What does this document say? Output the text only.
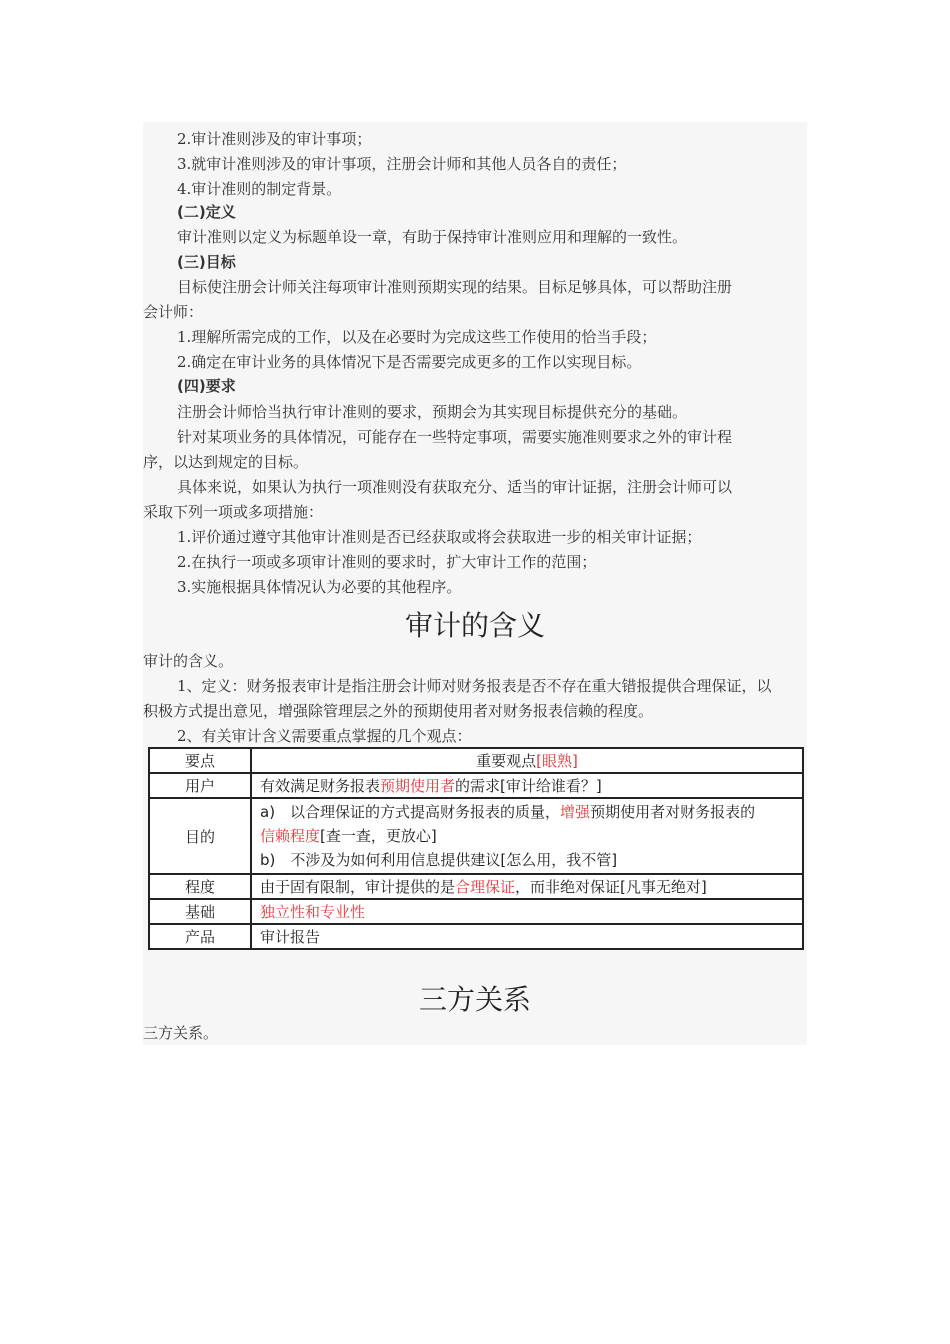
2.审计准则涉及的审计事项；
3.就审计准则涉及的审计事项，注册会计师和其他人员各自的责任；
4.审计准则的制定背景。
(二)定义
审计准则以定义为标题单设一章，有助于保持审计准则应用和理解的一致性。
(三)目标
目标使注册会计师关注每项审计准则预期实现的结果。目标足够具体，可以帮助注册
会计师：
1.理解所需完成的工作，以及在必要时为完成这些工作使用的恰当手段；
2.确定在审计业务的具体情况下是否需要完成更多的工作以实现目标。
(四)要求
注册会计师恰当执行审计准则的要求，预期会为其实现目标提供充分的基础。
针对某项业务的具体情况，可能存在一些特定事项，需要实施准则要求之外的审计程
序，以达到规定的目标。
具体来说，如果认为执行一项准则没有获取充分、适当的审计证据，注册会计师可以
采取下列一项或多项措施：
1.评价通过遵守其他审计准则是否已经获取或将会获取进一步的相关审计证据；
2.在执行一项或多项审计准则的要求时，扩大审计工作的范围；
3.实施根据具体情况认为必要的其他程序。
审计的含义
审计的含义。
1、定义：财务报表审计是指注册会计师对财务报表是否不存在重大错报提供合理保证，以
积极方式提出意见，增强除管理层之外的预期使用者对财务报表信赖的程度。
2、有关审计含义需要重点掌握的几个观点：
要点	重要观点[眼熟]
用户	有效满足财务报表预期使用者的需求[审计给谁看？]
目的	a)　以合理保证的方式提高财务报表的质量，增强预期使用者对财务报表的
信赖程度[查一查，更放心]
b)　不涉及为如何利用信息提供建议[怎么用，我不管]

程度	由于固有限制，审计提供的是合理保证，而非绝对保证[凡事无绝对]
基础	独立性和专业性
产品	审计报告
三方关系
三方关系。
